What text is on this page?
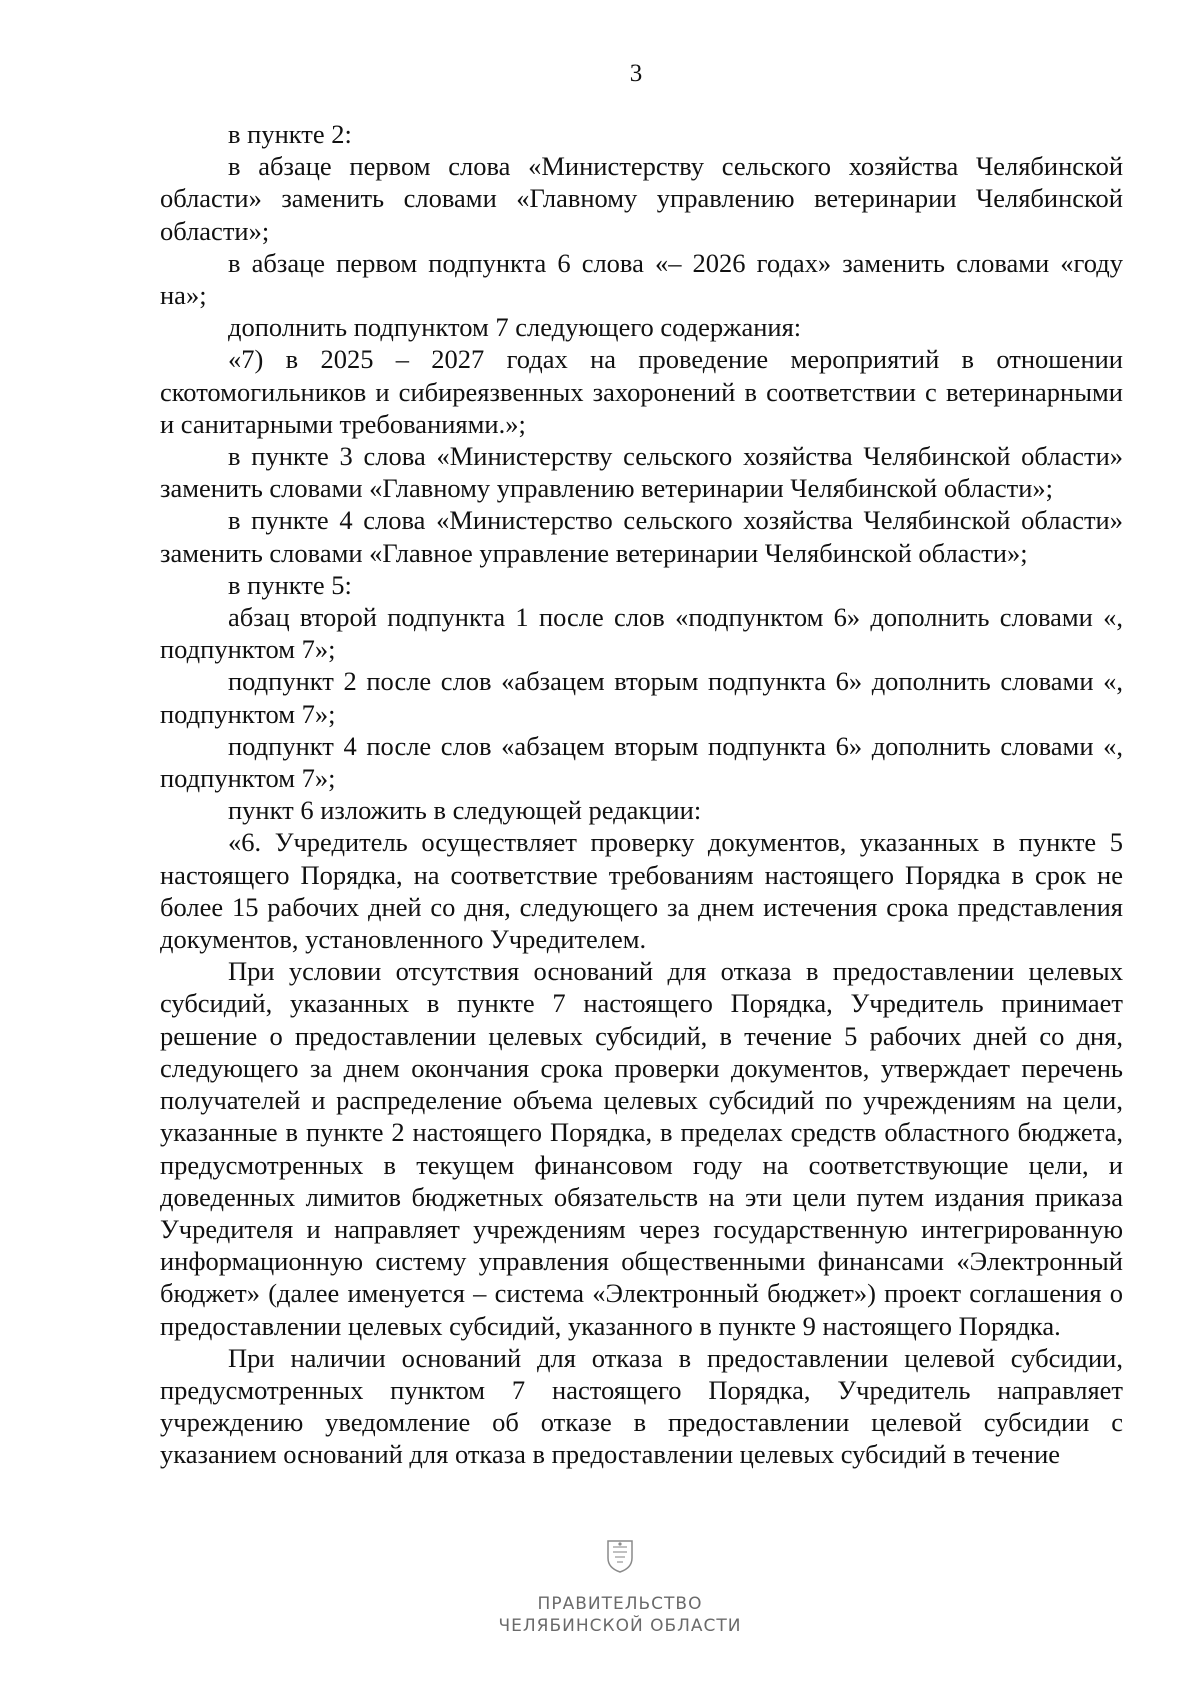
3

в пункте 2:

в абзаце первом слова «Министерству сельского хозяйства Челябинской области» заменить словами «Главному управлению ветеринарии Челябинской области»;

в абзаце первом подпункта 6 слова «– 2026 годах» заменить словами «году на»;

дополнить подпунктом 7 следующего содержания:

«7) в 2025 – 2027 годах на проведение мероприятий в отношении скотомогильников и сибиреязвенных захоронений в соответствии с ветеринарными и санитарными требованиями.»;

в пункте 3 слова «Министерству сельского хозяйства Челябинской области» заменить словами «Главному управлению ветеринарии Челябинской области»;

в пункте 4 слова «Министерство сельского хозяйства Челябинской области» заменить словами «Главное управление ветеринарии Челябинской области»;

в пункте 5:

абзац второй подпункта 1 после слов «подпунктом 6» дополнить словами «, подпунктом 7»;

подпункт 2 после слов «абзацем вторым подпункта 6» дополнить словами «, подпунктом 7»;

подпункт 4 после слов «абзацем вторым подпункта 6» дополнить словами «, подпунктом 7»;

пункт 6 изложить в следующей редакции:

«6. Учредитель осуществляет проверку документов, указанных в пункте 5 настоящего Порядка, на соответствие требованиям настоящего Порядка в срок не более 15 рабочих дней со дня, следующего за днем истечения срока представления документов, установленного Учредителем.

При условии отсутствия оснований для отказа в предоставлении целевых субсидий, указанных в пункте 7 настоящего Порядка, Учредитель принимает решение о предоставлении целевых субсидий, в течение 5 рабочих дней со дня, следующего за днем окончания срока проверки документов, утверждает перечень получателей и распределение объема целевых субсидий по учреждениям на цели, указанные в пункте 2 настоящего Порядка, в пределах средств областного бюджета, предусмотренных в текущем финансовом году на соответствующие цели, и доведенных лимитов бюджетных обязательств на эти цели путем издания приказа Учредителя и направляет учреждениям через государственную интегрированную информационную систему управления общественными финансами «Электронный бюджет» (далее именуется – система «Электронный бюджет») проект соглашения о предоставлении целевых субсидий, указанного в пункте 9 настоящего Порядка.

При наличии оснований для отказа в предоставлении целевой субсидии, предусмотренных пунктом 7 настоящего Порядка, Учредитель направляет учреждению уведомление об отказе в предоставлении целевой субсидии с указанием оснований для отказа в предоставлении целевых субсидий в течение

ПРАВИТЕЛЬСТВО
ЧЕЛЯБИНСКОЙ ОБЛАСТИ
